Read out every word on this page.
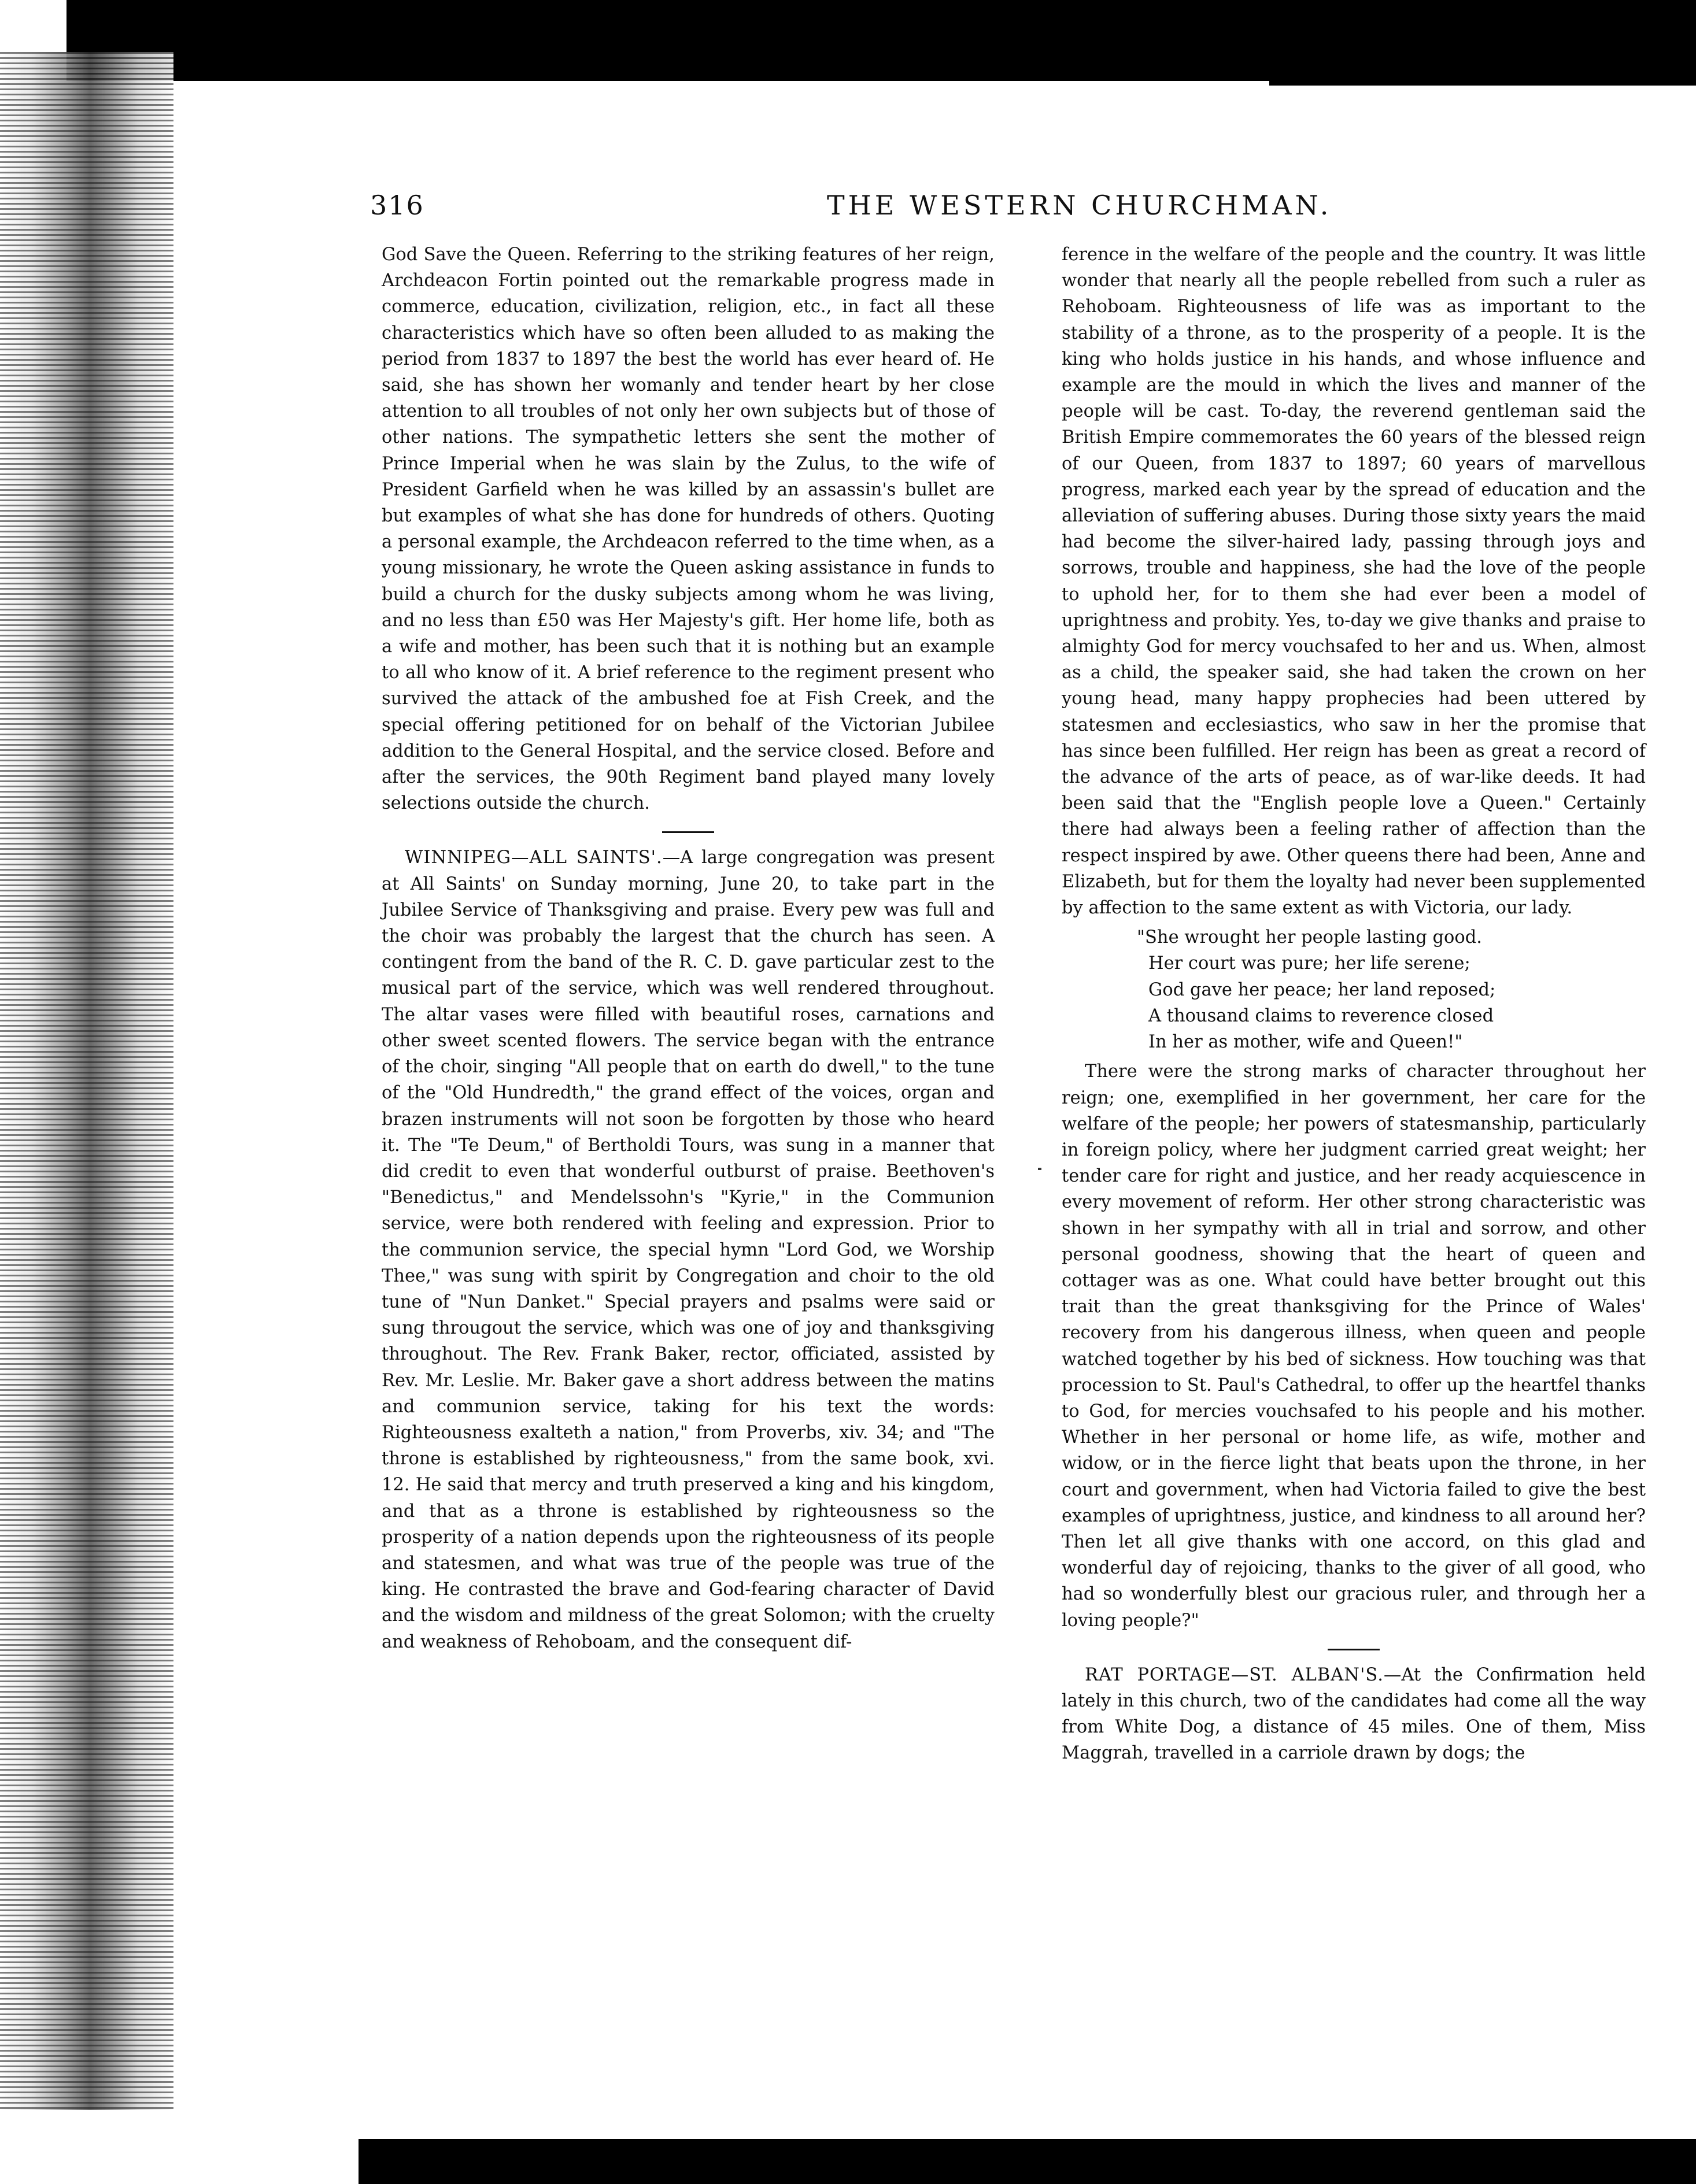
316	THE WESTERN CHURCHMAN.

God Save the Queen. Referring to the striking features of her reign, Archdeacon Fortin pointed out the remarkable progress made in commerce, education, civilization, religion, etc., in fact all these characteristics which have so often been alluded to as making the period from 1837 to 1897 the best the world has ever heard of. He said, she has shown her womanly and tender heart by her close attention to all troubles of not only her own subjects but of those of other nations. The sympathetic letters she sent the mother of Prince Imperial when he was slain by the Zulus, to the wife of President Garfield when he was killed by an assassin's bullet are but examples of what she has done for hundreds of others. Quoting a personal example, the Archdeacon referred to the time when, as a young missionary, he wrote the Queen asking assistance in funds to build a church for the dusky subjects among whom he was living, and no less than £50 was Her Majesty's gift. Her home life, both as a wife and mother, has been such that it is nothing but an example to all who know of it. A brief reference to the regiment present who survived the attack of the ambushed foe at Fish Creek, and the special offering petitioned for on behalf of the Victorian Jubilee addition to the General Hospital, and the service closed. Before and after the services, the 90th Regiment band played many lovely selections outside the church.

WINNIPEG—ALL SAINTS'.—A large congregation was present at All Saints' on Sunday morning, June 20, to take part in the Jubilee Service of Thanksgiving and praise. Every pew was full and the choir was probably the largest that the church has seen. A contingent from the band of the R. C. D. gave particular zest to the musical part of the service, which was well rendered throughout. The altar vases were filled with beautiful roses, carnations and other sweet scented flowers. The service began with the entrance of the choir, singing "All people that on earth do dwell," to the tune of the "Old Hundredth," the grand effect of the voices, organ and brazen instruments will not soon be forgotten by those who heard it. The "Te Deum," of Bertholdi Tours, was sung in a manner that did credit to even that wonderful outburst of praise. Beethoven's "Benedictus," and Mendelssohn's "Kyrie," in the Communion service, were both rendered with feeling and expression. Prior to the communion service, the special hymn "Lord God, we Worship Thee," was sung with spirit by Congregation and choir to the old tune of "Nun Danket." Special prayers and psalms were said or sung througout the service, which was one of joy and thanksgiving throughout. The Rev. Frank Baker, rector, officiated, assisted by Rev. Mr. Leslie. Mr. Baker gave a short address between the matins and communion service, taking for his text the words: Righteousness exalteth a nation," from Proverbs, xiv. 34; and "The throne is established by righteousness," from the same book, xvi. 12. He said that mercy and truth preserved a king and his kingdom, and that as a throne is established by righteousness so the prosperity of a nation depends upon the righteousness of its people and statesmen, and what was true of the people was true of the king. He contrasted the brave and God-fearing character of David and the wisdom and mildness of the great Solomon; with the cruelty and weakness of Rehoboam, and the consequent dif-

ference in the welfare of the people and the country. It was little wonder that nearly all the people rebelled from such a ruler as Rehoboam. Righteousness of life was as important to the stability of a throne, as to the prosperity of a people. It is the king who holds justice in his hands, and whose influence and example are the mould in which the lives and manner of the people will be cast. To-day, the reverend gentleman said the British Empire commemorates the 60 years of the blessed reign of our Queen, from 1837 to 1897; 60 years of marvellous progress, marked each year by the spread of education and the alleviation of suffering abuses. During those sixty years the maid had become the silver-haired lady, passing through joys and sorrows, trouble and happiness, she had the love of the people to uphold her, for to them she had ever been a model of uprightness and probity. Yes, to-day we give thanks and praise to almighty God for mercy vouchsafed to her and us. When, almost as a child, the speaker said, she had taken the crown on her young head, many happy prophecies had been uttered by statesmen and ecclesiastics, who saw in her the promise that has since been fulfilled. Her reign has been as great a record of the advance of the arts of peace, as of war-like deeds. It had been said that the "English people love a Queen." Certainly there had always been a feeling rather of affection than the respect inspired by awe. Other queens there had been, Anne and Elizabeth, but for them the loyalty had never been supplemented by affection to the same extent as with Victoria, our lady.

"She wrought her people lasting good.
Her court was pure; her life serene;
God gave her peace; her land reposed;
A thousand claims to reverence closed
In her as mother, wife and Queen!"

There were the strong marks of character throughout her reign; one, exemplified in her government, her care for the welfare of the people; her powers of statesmanship, particularly in foreign policy, where her judgment carried great weight; her tender care for right and justice, and her ready acquiescence in every movement of reform. Her other strong characteristic was shown in her sympathy with all in trial and sorrow, and other personal goodness, showing that the heart of queen and cottager was as one. What could have better brought out this trait than the great thanksgiving for the Prince of Wales' recovery from his dangerous illness, when queen and people watched together by his bed of sickness. How touching was that procession to St. Paul's Cathedral, to offer up the heartfel thanks to God, for mercies vouchsafed to his people and his mother. Whether in her personal or home life, as wife, mother and widow, or in the fierce light that beats upon the throne, in her court and government, when had Victoria failed to give the best examples of uprightness, justice, and kindness to all around her? Then let all give thanks with one accord, on this glad and wonderful day of rejoicing, thanks to the giver of all good, who had so wonderfully blest our gracious ruler, and through her a loving people?"

RAT PORTAGE—ST. ALBAN'S.—At the Confirmation held lately in this church, two of the candidates had come all the way from White Dog, a distance of 45 miles. One of them, Miss Maggrah, travelled in a carriole drawn by dogs; the
